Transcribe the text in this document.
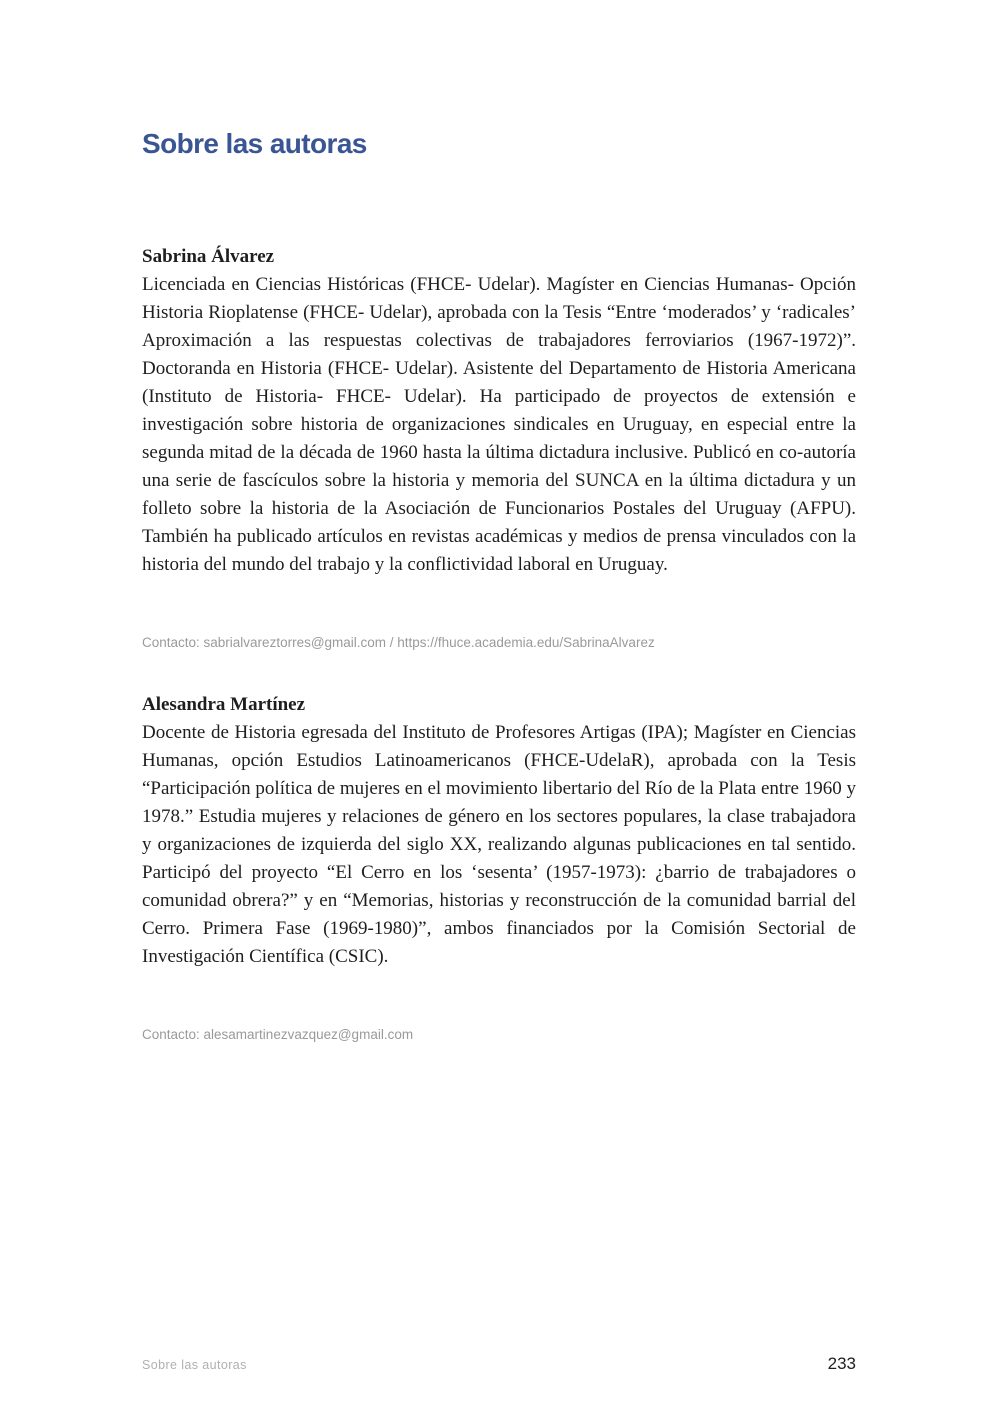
Sobre las autoras

Sabrina Álvarez

Licenciada en Ciencias Históricas (FHCE- Udelar). Magíster en Ciencias Humanas- Opción Historia Rioplatense (FHCE- Udelar), aprobada con la Tesis “Entre ‘moderados’ y ‘radicales’ Aproximación a las respuestas colectivas de trabajadores ferroviarios (1967-1972)”. Doctoranda en Historia (FHCE- Udelar). Asistente del Departamento de Historia Americana (Instituto de Historia- FHCE- Udelar). Ha participado de proyectos de extensión e investigación sobre historia de organizaciones sindicales en Uruguay, en especial entre la segunda mitad de la década de 1960 hasta la última dictadura inclusive. Publicó en co-autoría una serie de fascículos sobre la historia y memoria del SUNCA en la última dictadura y un folleto sobre la historia de la Asociación de Funcionarios Postales del Uruguay (AFPU). También ha publicado artículos en revistas académicas y medios de prensa vinculados con la historia del mundo del trabajo y la conflictividad laboral en Uruguay.

Contacto: sabrialvareztorres@gmail.com / https://fhuce.academia.edu/SabrinaAlvarez

Alesandra Martínez

Docente de Historia egresada del Instituto de Profesores Artigas (IPA); Magíster en Ciencias Humanas, opción Estudios Latinoamericanos (FHCE-UdelaR), aprobada con la Tesis “Participación política de mujeres en el movimiento libertario del Río de la Plata entre 1960 y 1978.” Estudia mujeres y relaciones de género en los sectores populares, la clase trabajadora y organizaciones de izquierda del siglo XX, realizando algunas publicaciones en tal sentido. Participó del proyecto “El Cerro en los ‘sesenta’ (1957-1973): ¿barrio de trabajadores o comunidad obrera?” y en “Memorias, historias y reconstrucción de la comunidad barrial del Cerro. Primera Fase (1969-1980)”, ambos financiados por la Comisión Sectorial de Investigación Científica (CSIC).

Contacto: alesamartinezvazquez@gmail.com

Sobre las autoras	233
